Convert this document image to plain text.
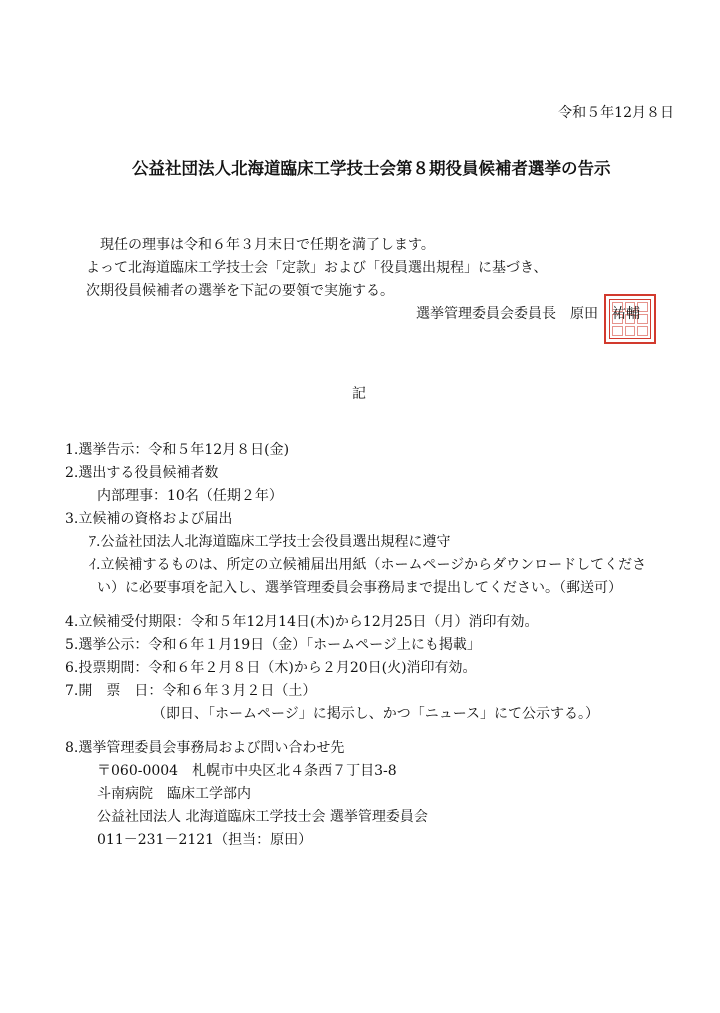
令和５年12月８日
公益社団法人北海道臨床工学技士会第８期役員候補者選挙の告示
現任の理事は令和６年３月末日で任期を満了します。
よって北海道臨床工学技士会「定款」および「役員選出規程」に基づき、
次期役員候補者の選挙を下記の要領で実施する。
選挙管理委員会委員長　原田　祐輔
記
1.選挙告示：令和５年12月８日(金)
2.選出する役員候補者数
内部理事：10名（任期２年）
3.立候補の資格および届出
ｱ.公益社団法人北海道臨床工学技士会役員選出規程に遵守
ｲ.立候補するものは、所定の立候補届出用紙（ホームページからダウンロードしてくださ
い）に必要事項を記入し、選挙管理委員会事務局まで提出してください。（郵送可）
4.立候補受付期限：令和５年12月14日(木)から12月25日（月）消印有効。
5.選挙公示：令和６年１月19日（金）「ホームページ上にも掲載」
6.投票期間：令和６年２月８日（木)から２月20日(火)消印有効。
7.開　票　日：令和６年３月２日（土）
（即日、「ホームページ」に掲示し、かつ「ニュース」にて公示する。）
8.選挙管理委員会事務局および問い合わせ先
〒060-0004　札幌市中央区北４条西７丁目3-8
斗南病院　臨床工学部内
公益社団法人 北海道臨床工学技士会 選挙管理委員会
011－231－2121（担当：原田）
